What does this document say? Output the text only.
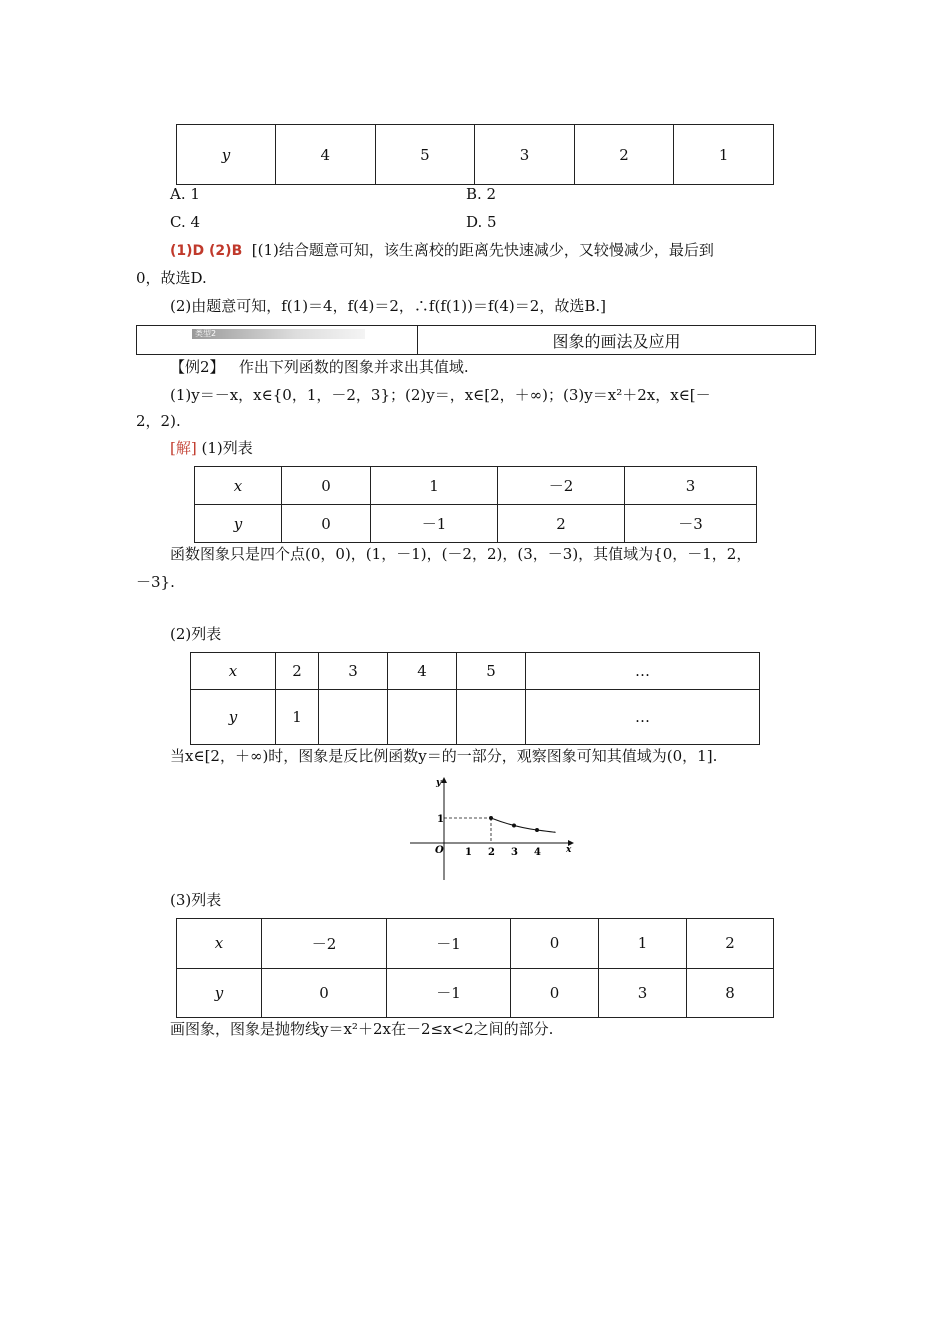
y	4	5	3	2	1
A. 1	B. 2
C. 4	D. 5
(1)D (2)B [(1)结合题意可知，该生离校的距离先快速减少，又较慢减少，最后到
0，故选D.
(2)由题意可知，f(1)＝4，f(4)＝2，∴f(f(1))＝f(4)＝2，故选B.]
类型2	图象的画法及应用
【例2】 作出下列函数的图象并求出其值域.
(1)y＝－x，x∈{0，1，－2，3}；(2)y＝，x∈[2，＋∞)；(3)y＝x²＋2x，x∈[－
2，2).
[解] (1)列表
x	0	1	－2	3
y	0	－1	2	－3
函数图象只是四个点(0，0)，(1，－1)，(－2，2)，(3，－3)，其值域为{0，－1，2，
－3}.
(2)列表
x	2	3	4	5	…
y	1				…
当x∈[2，＋∞)时，图象是反比例函数y＝的一部分，观察图象可知其值域为(0，1].
y
x
O
1
1 2 3 4
(3)列表
x	－2	－1	0	1	2
y	0	－1	0	3	8
画图象，图象是抛物线y＝x²＋2x在－2≤x<2之间的部分.
